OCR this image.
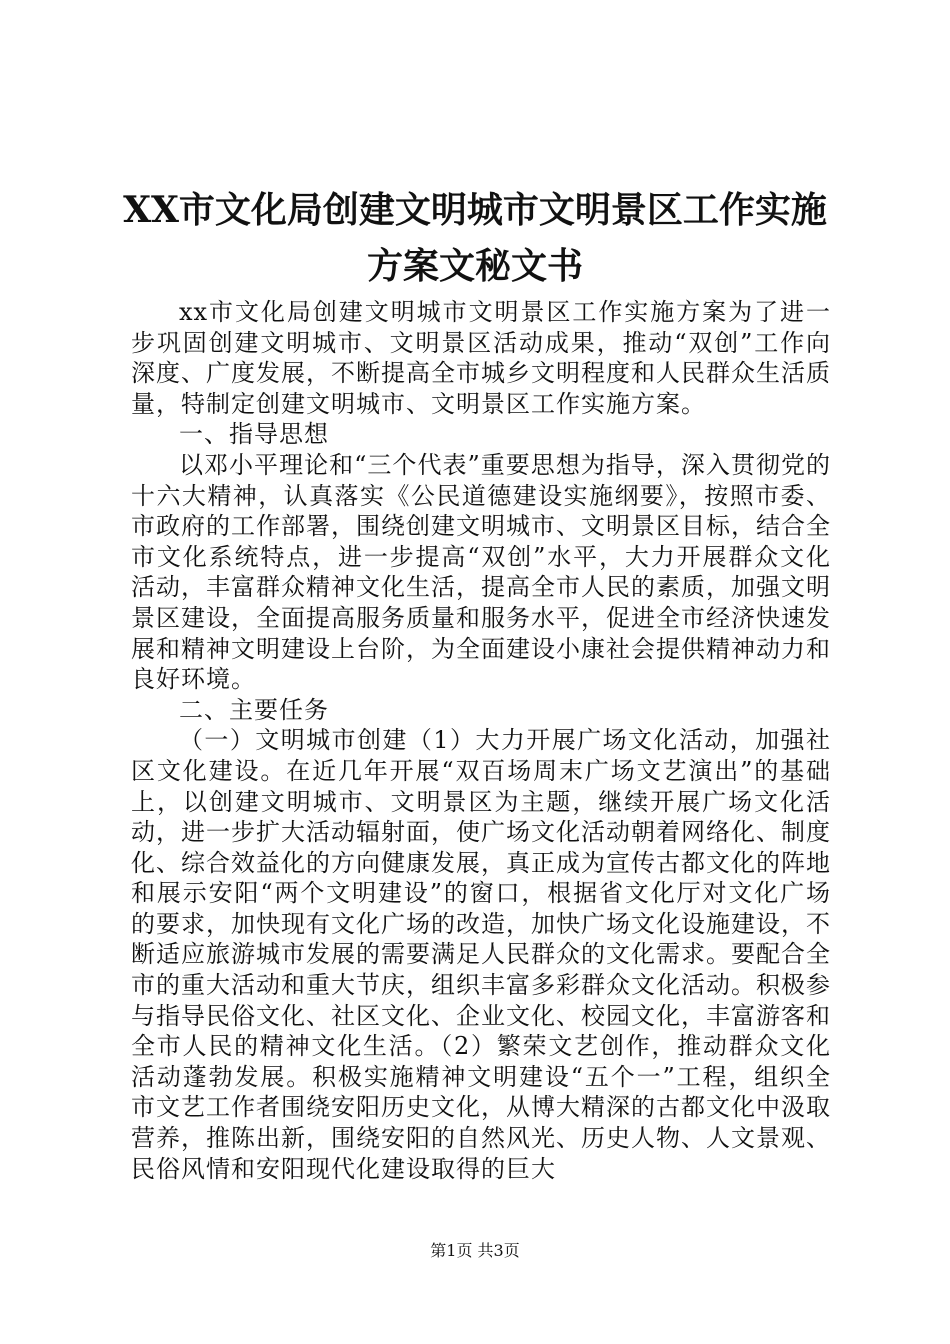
XX市文化局创建文明城市文明景区工作实施
方案文秘文书

xx市文化局创建文明城市文明景区工作实施方案为了进一步巩固创建文明城市、文明景区活动成果，推动“双创”工作向深度、广度发展，不断提高全市城乡文明程度和人民群众生活质量，特制定创建文明城市、文明景区工作实施方案。

一、指导思想

以邓小平理论和“三个代表”重要思想为指导，深入贯彻党的十六大精神，认真落实《公民道德建设实施纲要》，按照市委、市政府的工作部署，围绕创建文明城市、文明景区目标，结合全市文化系统特点，进一步提高“双创”水平，大力开展群众文化活动，丰富群众精神文化生活，提高全市人民的素质，加强文明景区建设，全面提高服务质量和服务水平，促进全市经济快速发展和精神文明建设上台阶，为全面建设小康社会提供精神动力和良好环境。

二、主要任务

（一）文明城市创建（1）大力开展广场文化活动，加强社区文化建设。在近几年开展“双百场周末广场文艺演出”的基础上，以创建文明城市、文明景区为主题，继续开展广场文化活动，进一步扩大活动辐射面，使广场文化活动朝着网络化、制度化、综合效益化的方向健康发展，真正成为宣传古都文化的阵地和展示安阳“两个文明建设”的窗口，根据省文化厅对文化广场的要求，加快现有文化广场的改造，加快广场文化设施建设，不断适应旅游城市发展的需要满足人民群众的文化需求。要配合全市的重大活动和重大节庆，组织丰富多彩群众文化活动。积极参与指导民俗文化、社区文化、企业文化、校园文化，丰富游客和全市人民的精神文化生活。（2）繁荣文艺创作，推动群众文化活动蓬勃发展。积极实施精神文明建设“五个一”工程，组织全市文艺工作者围绕安阳历史文化，从博大精深的古都文化中汲取营养，推陈出新，围绕安阳的自然风光、历史人物、人文景观、民俗风情和安阳现代化建设取得的巨大

第1页 共3页
